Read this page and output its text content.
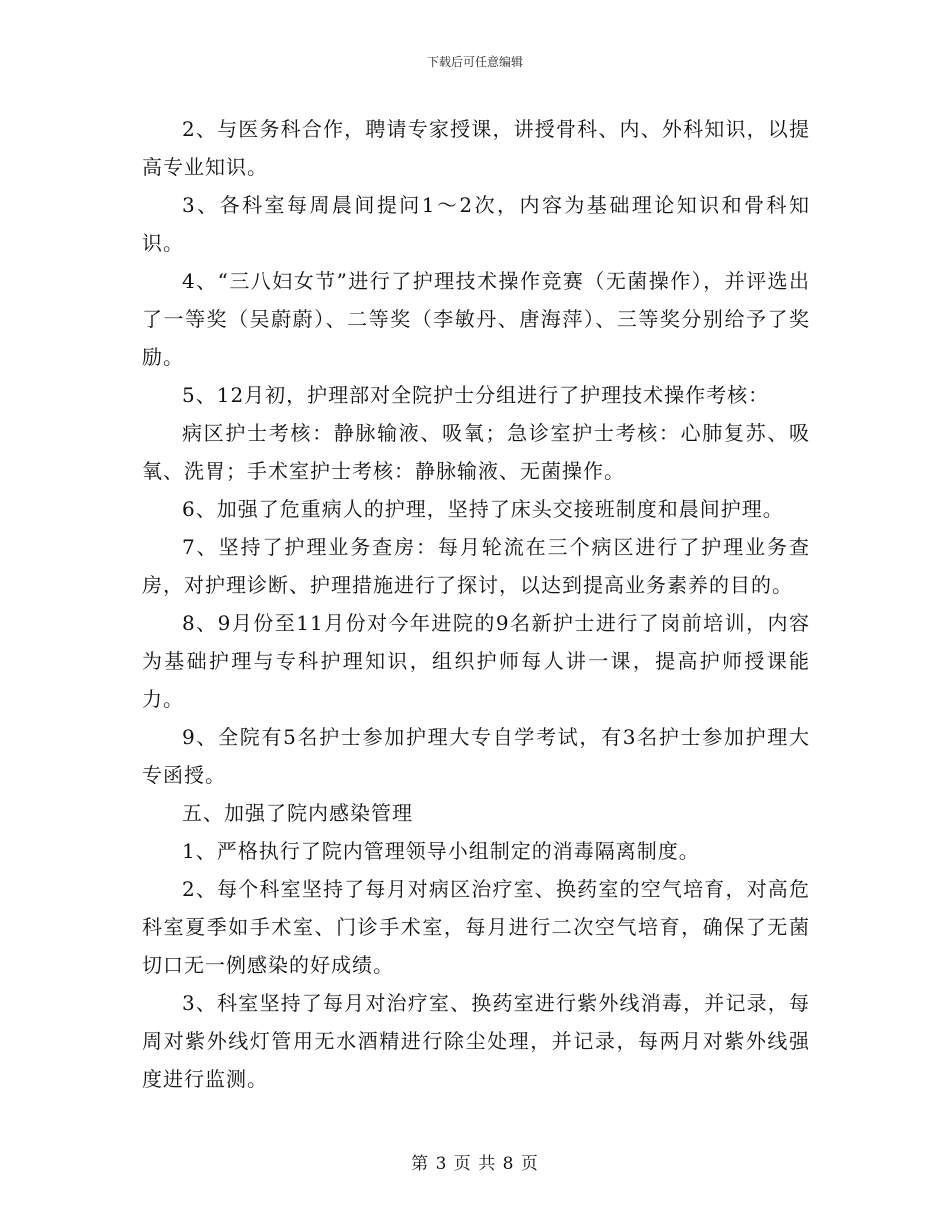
下载后可任意编辑

2、与医务科合作，聘请专家授课，讲授骨科、内、外科知识，以提高专业知识。

3、各科室每周晨间提问1～2次，内容为基础理论知识和骨科知识。

4、“三八妇女节”进行了护理技术操作竞赛（无菌操作），并评选出了一等奖（吴蔚蔚）、二等奖（李敏丹、唐海萍）、三等奖分别给予了奖励。

5、12月初，护理部对全院护士分组进行了护理技术操作考核：

病区护士考核：静脉输液、吸氧；急诊室护士考核：心肺复苏、吸氧、洗胃；手术室护士考核：静脉输液、无菌操作。

6、加强了危重病人的护理，坚持了床头交接班制度和晨间护理。

7、坚持了护理业务查房：每月轮流在三个病区进行了护理业务查房，对护理诊断、护理措施进行了探讨，以达到提高业务素养的目的。

8、9月份至11月份对今年进院的9名新护士进行了岗前培训，内容为基础护理与专科护理知识，组织护师每人讲一课，提高护师授课能力。

9、全院有5名护士参加护理大专自学考试，有3名护士参加护理大专函授。

五、加强了院内感染管理

1、严格执行了院内管理领导小组制定的消毒隔离制度。

2、每个科室坚持了每月对病区治疗室、换药室的空气培育，对高危科室夏季如手术室、门诊手术室，每月进行二次空气培育，确保了无菌切口无一例感染的好成绩。

3、科室坚持了每月对治疗室、换药室进行紫外线消毒，并记录，每周对紫外线灯管用无水酒精进行除尘处理，并记录，每两月对紫外线强度进行监测。

第 3 页 共 8 页
